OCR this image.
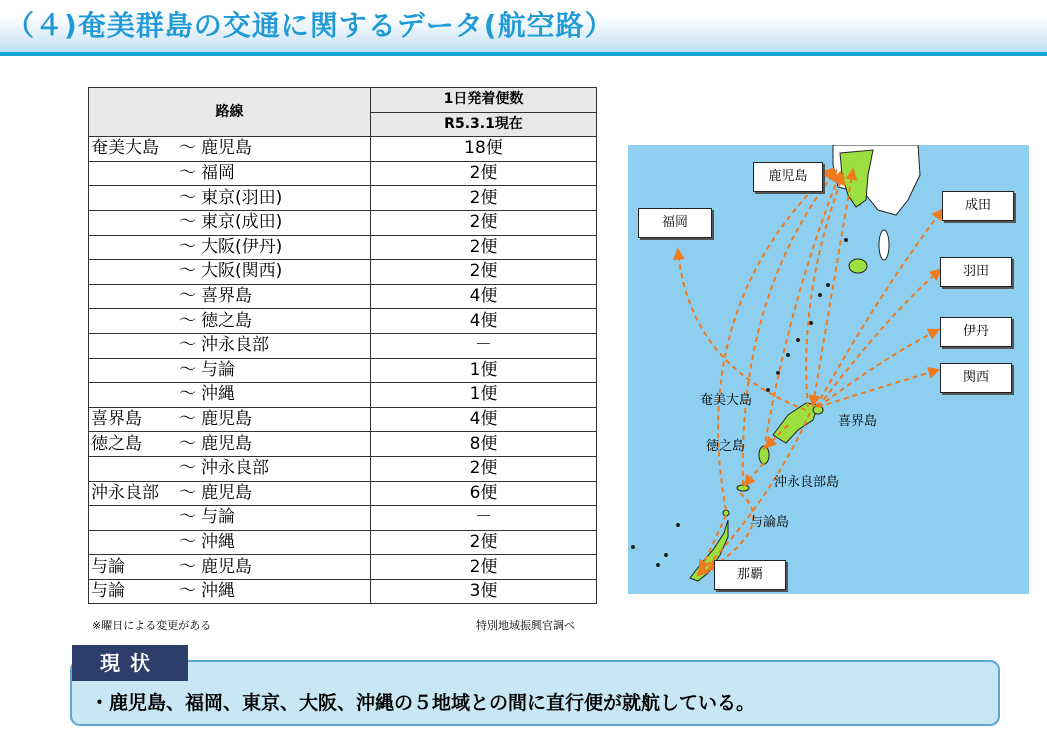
（４)奄美群島の交通に関するデータ(航空路）
路線	1日発着便数
	R5.3.1現在
奄美大島 ～ 鹿児島	18便
～ 福岡	2便
～ 東京(羽田)	2便
～ 東京(成田)	2便
～ 大阪(伊丹)	2便
～ 大阪(関西)	2便
～ 喜界島	4便
～ 徳之島	4便
～ 沖永良部	－
～ 与論	1便
～ 沖縄	1便
喜界島 ～ 鹿児島	4便
徳之島 ～ 鹿児島	8便
～ 沖永良部	2便
沖永良部 ～ 鹿児島	6便
～ 与論	－
～ 沖縄	2便
与論 ～ 鹿児島	2便
与論 ～ 沖縄	3便
※曜日による変更がある	特別地域振興官調べ
鹿児島
福岡
成田
羽田
伊丹
関西
那覇
奄美大島
喜界島
徳之島
沖永良部島
与論島
現状
・鹿児島、福岡、東京、大阪、沖縄の５地域との間に直行便が就航している。
